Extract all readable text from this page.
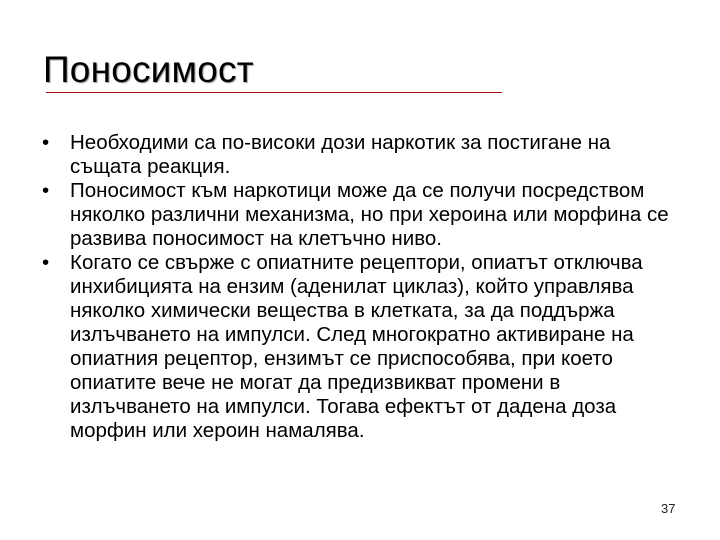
Поносимост
•	Необходими са по-високи дози наркотик за постигане на същата реакция.
•	Поносимост към наркотици може да се получи посредством няколко различни механизма, но при хероина или морфина се развива поносимост на клетъчно ниво.
•	Когато се свърже с опиатните рецептори, опиатът отключва инхибицията на ензим (аденилат циклаз), който управлява няколко химически вещества в клетката, за да поддържа излъчването на импулси. След многократно активиране на опиатния рецептор, ензимът се приспособява, при което опиатите вече не могат да предизвикват промени в излъчването на импулси. Тогава ефектът от дадена доза морфин или хероин намалява.
37
